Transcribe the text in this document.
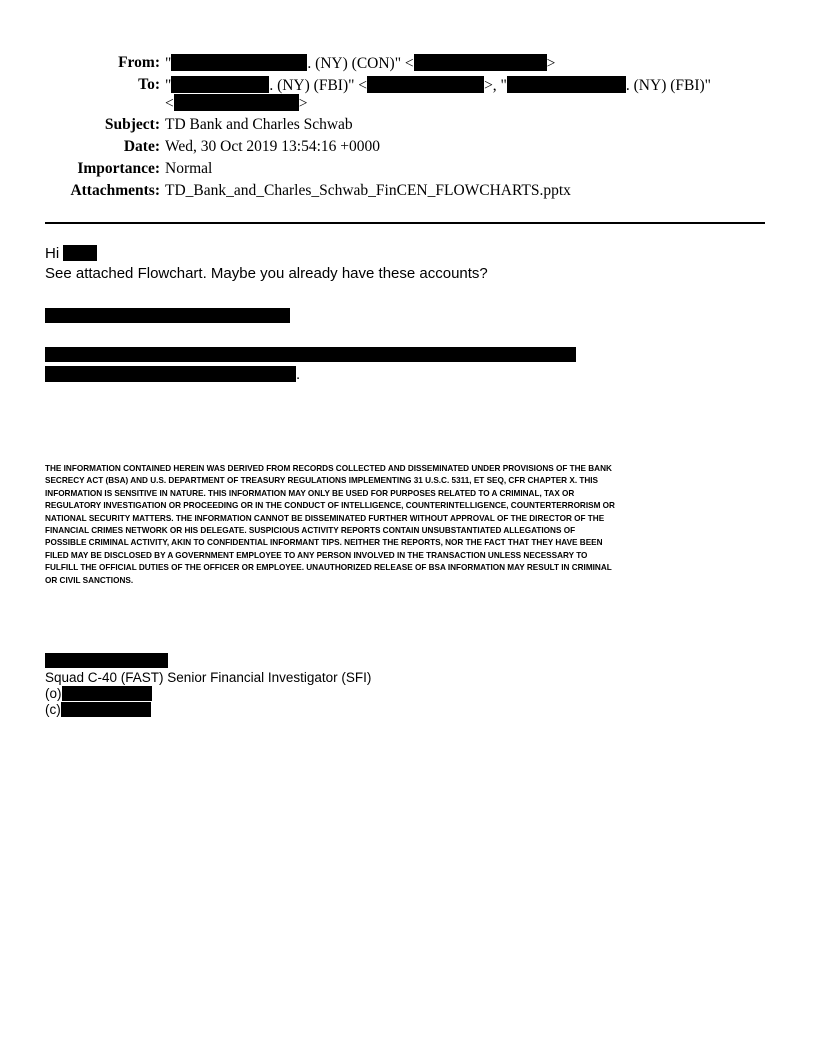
From: "	. (NY) (CON)" <	>
To: "	. (NY) (FBI)" <	>, "	. (NY) (FBI)"
<	>
Subject: TD Bank and Charles Schwab
Date: Wed, 30 Oct 2019 13:54:16 +0000
Importance: Normal
Attachments: TD_Bank_and_Charles_Schwab_FinCEN_FLOWCHARTS.pptx
Hi
See attached Flowchart. Maybe you already have these accounts?
.
THE INFORMATION CONTAINED HEREIN WAS DERIVED FROM RECORDS COLLECTED AND DISSEMINATED UNDER PROVISIONS OF THE BANK SECRECY ACT (BSA) AND U.S. DEPARTMENT OF TREASURY REGULATIONS IMPLEMENTING 31 U.S.C. 5311, ET SEQ, CFR CHAPTER X. THIS INFORMATION IS SENSITIVE IN NATURE. THIS INFORMATION MAY ONLY BE USED FOR PURPOSES RELATED TO A CRIMINAL, TAX OR REGULATORY INVESTIGATION OR PROCEEDING OR IN THE CONDUCT OF INTELLIGENCE, COUNTERINTELLIGENCE, COUNTERTERRORISM OR NATIONAL SECURITY MATTERS. THE INFORMATION CANNOT BE DISSEMINATED FURTHER WITHOUT APPROVAL OF THE DIRECTOR OF THE FINANCIAL CRIMES NETWORK OR HIS DELEGATE. SUSPICIOUS ACTIVITY REPORTS CONTAIN UNSUBSTANTIATED ALLEGATIONS OF POSSIBLE CRIMINAL ACTIVITY, AKIN TO CONFIDENTIAL INFORMANT TIPS. NEITHER THE REPORTS, NOR THE FACT THAT THEY HAVE BEEN FILED MAY BE DISCLOSED BY A GOVERNMENT EMPLOYEE TO ANY PERSON INVOLVED IN THE TRANSACTION UNLESS NECESSARY TO FULFILL THE OFFICIAL DUTIES OF THE OFFICER OR EMPLOYEE. UNAUTHORIZED RELEASE OF BSA INFORMATION MAY RESULT IN CRIMINAL OR CIVIL SANCTIONS.
Squad C-40 (FAST) Senior Financial Investigator (SFI)
(o)
(c)
